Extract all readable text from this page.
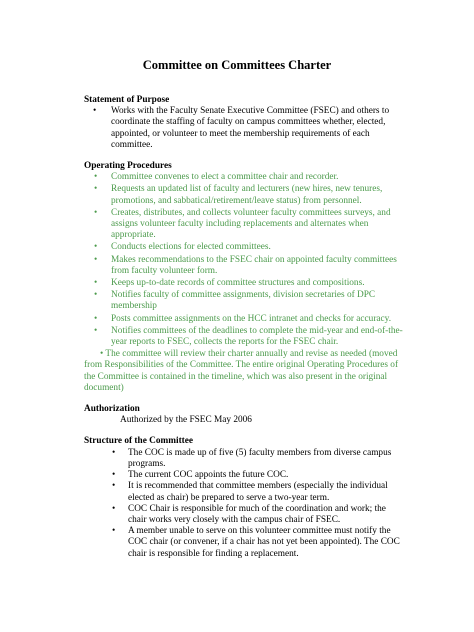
Committee on Committees Charter

Statement of Purpose

• Works with the Faculty Senate Executive Committee (FSEC) and others to coordinate the staffing of faculty on campus committees whether, elected, appointed, or volunteer to meet the membership requirements of each committee.

Operating Procedures

• Committee convenes to elect a committee chair and recorder.
• Requests an updated list of faculty and lecturers (new hires, new tenures, promotions, and sabbatical/retirement/leave status) from personnel.
• Creates, distributes, and collects volunteer faculty committees surveys, and assigns volunteer faculty including replacements and alternates when appropriate.
• Conducts elections for elected committees.
• Makes recommendations to the FSEC chair on appointed faculty committees from faculty volunteer form.
• Keeps up-to-date records of committee structures and compositions.
• Notifies faculty of committee assignments, division secretaries of DPC membership
• Posts committee assignments on the HCC intranet and checks for accuracy.
• Notifies committees of the deadlines to complete the mid-year and end-of-the-year reports to FSEC, collects the reports for the FSEC chair.
• The committee will review their charter annually and revise as needed (moved from Responsibilities of the Committee. The entire original Operating Procedures of the Committee is contained in the timeline, which was also present in the original document)

Authorization

Authorized by the FSEC May 2006

Structure of the Committee

• The COC is made up of five (5) faculty members from diverse campus programs.
• The current COC appoints the future COC.
• It is recommended that committee members (especially the individual elected as chair) be prepared to serve a two-year term.
• COC Chair is responsible for much of the coordination and work; the chair works very closely with the campus chair of FSEC.
• A member unable to serve on this volunteer committee must notify the COC chair (or convener, if a chair has not yet been appointed). The COC chair is responsible for finding a replacement.
